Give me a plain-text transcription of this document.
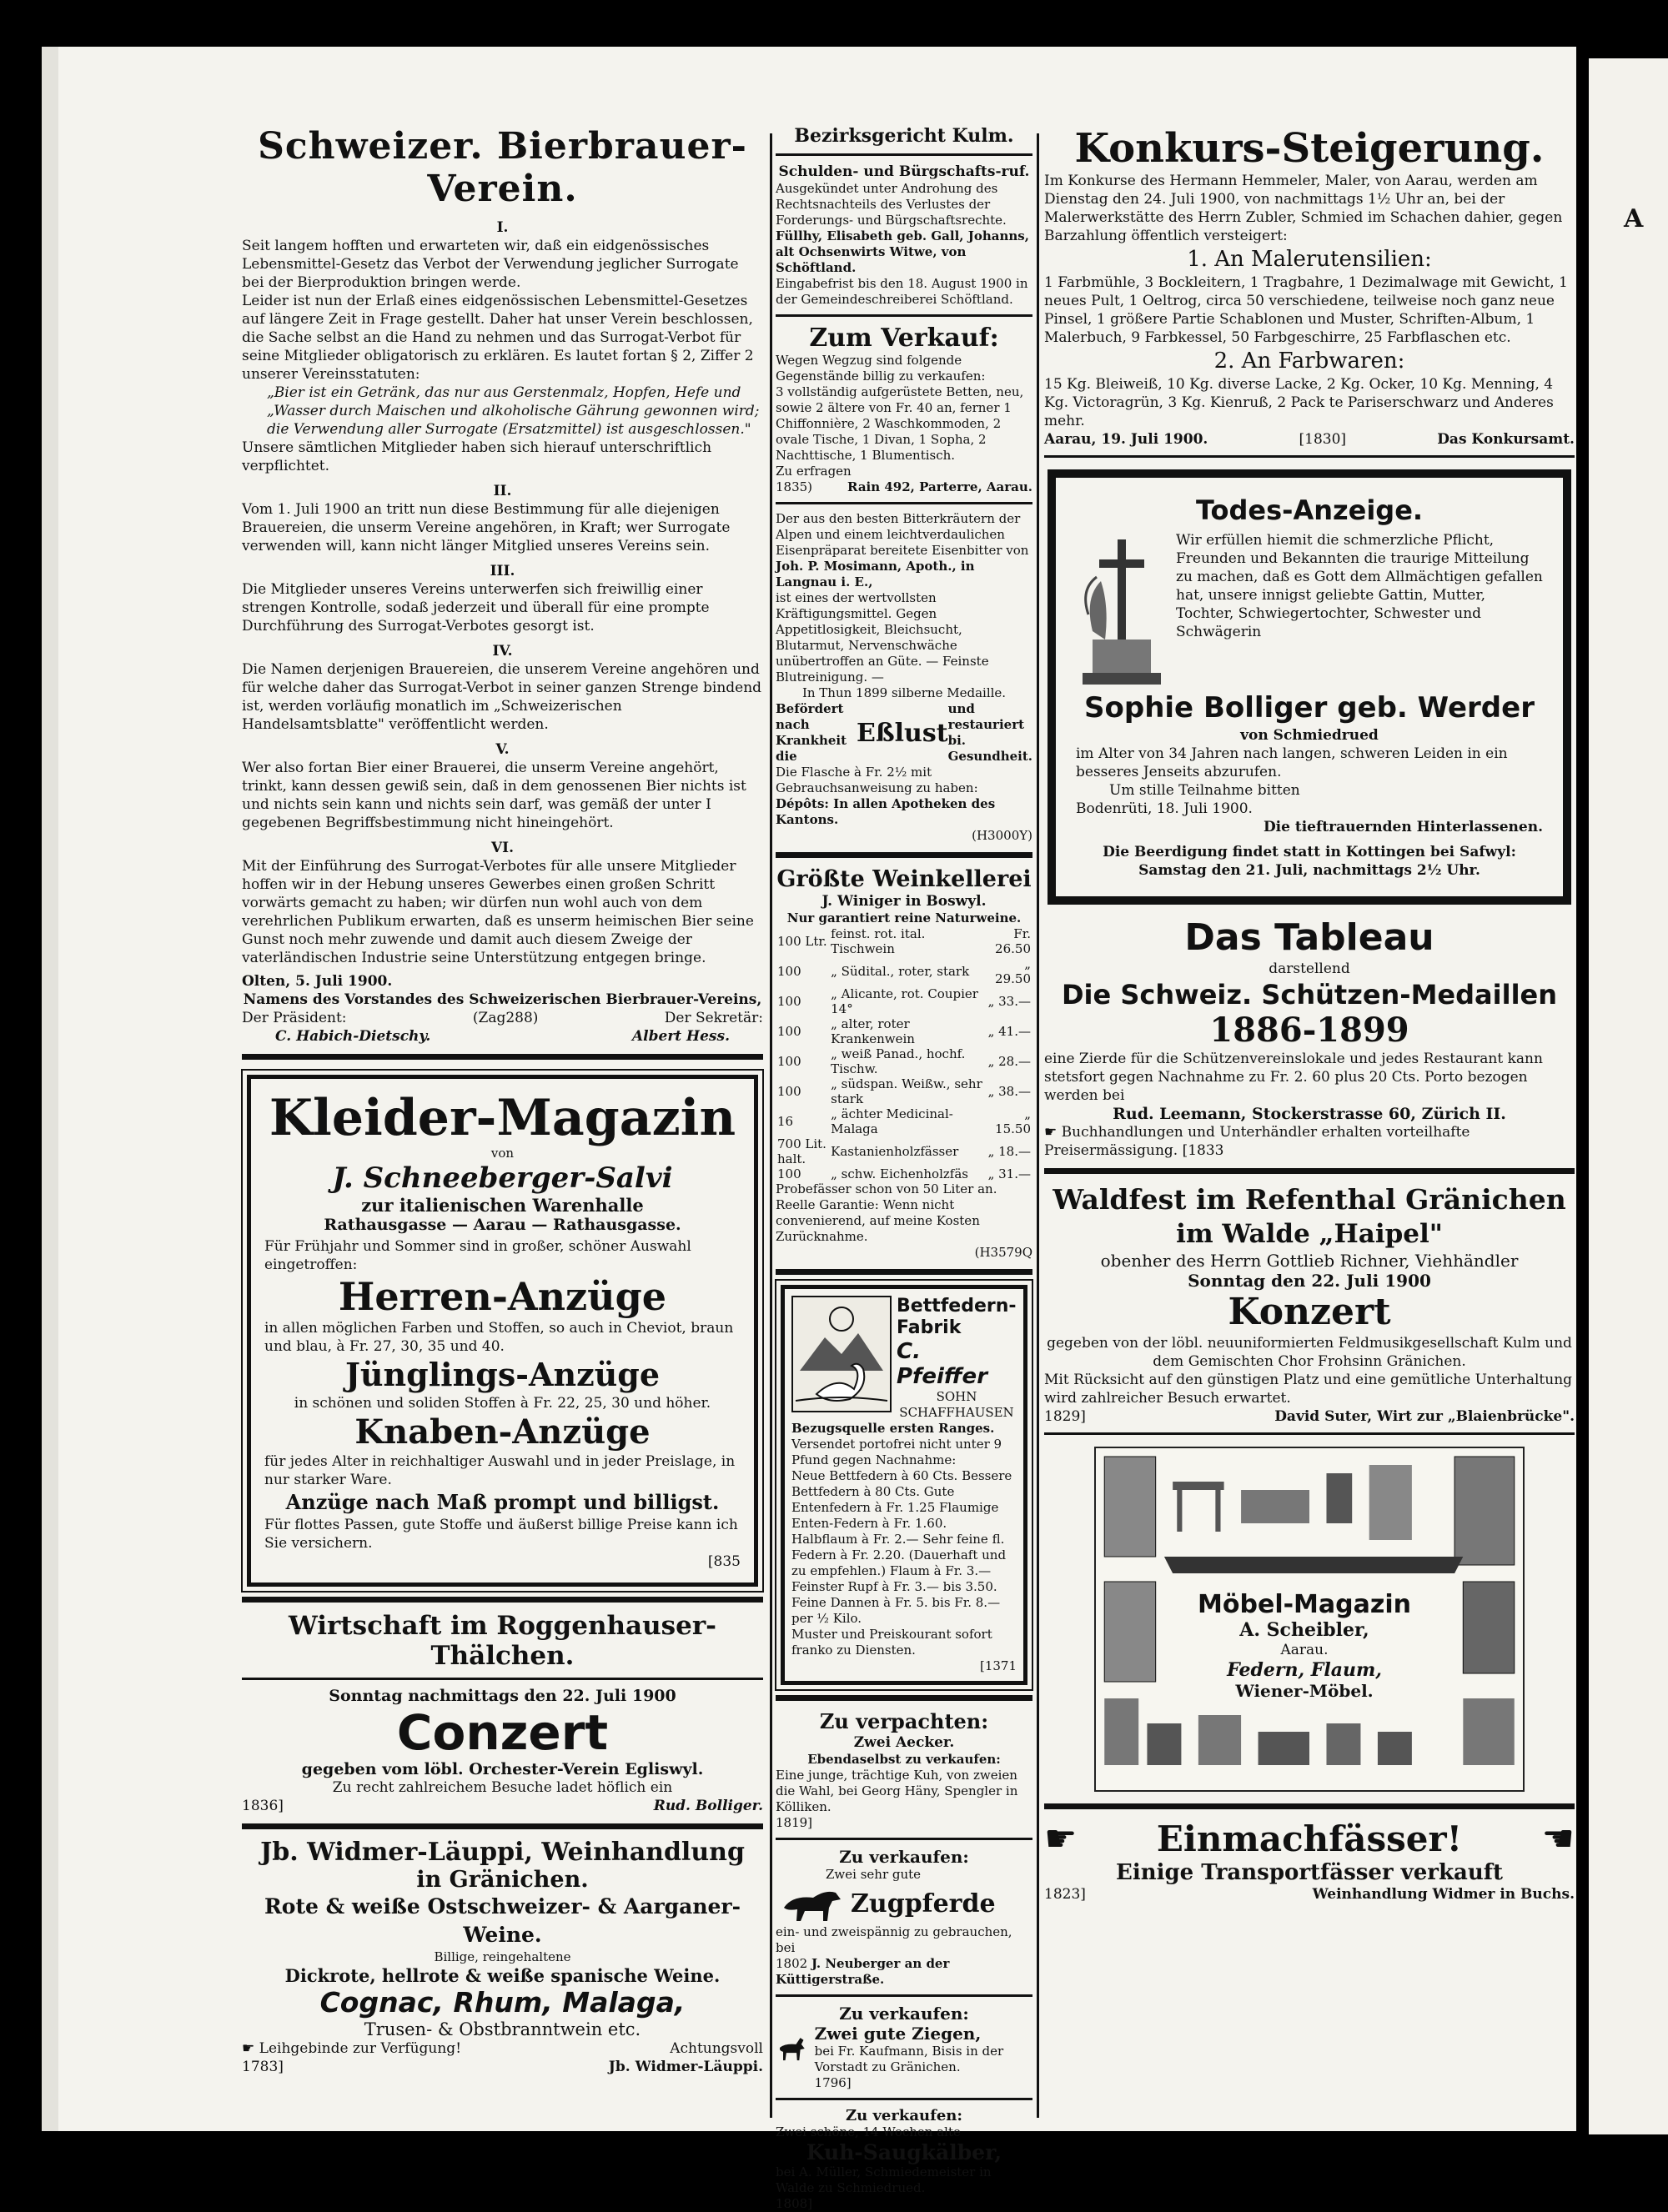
A
Schweizer. Bierbrauer-Verein.

I.

Seit langem hofften und erwarteten wir, daß ein eidgenössisches Lebensmittel-Gesetz das Verbot der Verwendung jeglicher Surrogate bei der Bierproduktion bringen werde.

Leider ist nun der Erlaß eines eidgenössischen Lebensmittel-Gesetzes auf längere Zeit in Frage gestellt. Daher hat unser Verein beschlossen, die Sache selbst an die Hand zu nehmen und das Surrogat-Verbot für seine Mitglieder obligatorisch zu erklären. Es lautet fortan § 2, Ziffer 2 unserer Vereinsstatuten:

„Bier ist ein Getränk, das nur aus Gerstenmalz, Hopfen, Hefe und „Wasser durch Maischen und alkoholische Gährung gewonnen wird; die Verwendung aller Surrogate (Ersatzmittel) ist ausgeschlossen."

Unsere sämtlichen Mitglieder haben sich hierauf unterschriftlich verpflichtet.

II.

Vom 1. Juli 1900 an tritt nun diese Bestimmung für alle diejenigen Brauereien, die unserm Vereine angehören, in Kraft; wer Surrogate verwenden will, kann nicht länger Mitglied unseres Vereins sein.

III.

Die Mitglieder unseres Vereins unterwerfen sich freiwillig einer strengen Kontrolle, sodaß jederzeit und überall für eine prompte Durchführung des Surrogat-Verbotes gesorgt ist.

IV.

Die Namen derjenigen Brauereien, die unserem Vereine angehören und für welche daher das Surrogat-Verbot in seiner ganzen Strenge bindend ist, werden vorläufig monatlich im „Schweizerischen Handelsamtsblatte" veröffentlicht werden.

V.

Wer also fortan Bier einer Brauerei, die unserm Vereine angehört, trinkt, kann dessen gewiß sein, daß in dem genossenen Bier nichts ist und nichts sein kann und nichts sein darf, was gemäß der unter I gegebenen Begriffsbestimmung nicht hineingehört.

VI.

Mit der Einführung des Surrogat-Verbotes für alle unsere Mitglieder hoffen wir in der Hebung unseres Gewerbes einen großen Schritt vorwärts gemacht zu haben; wir dürfen nun wohl auch von dem verehrlichen Publikum erwarten, daß es unserm heimischen Bier seine Gunst noch mehr zuwende und damit auch diesem Zweige der vaterländischen Industrie seine Unterstützung entgegen bringe.

Olten, 5. Juli 1900.

Namens des Vorstandes des Schweizerischen Bierbrauer-Vereins,

Der Präsident:	(Zag288)	Der Sekretär:
C. Habich-Dietschy.	Albert Hess.
Kleider-Magazin

von

J. Schneeberger-Salvi

zur italienischen Warenhalle

Rathausgasse — Aarau — Rathausgasse.

Für Frühjahr und Sommer sind in großer, schöner Auswahl eingetroffen:

Herren-Anzüge

in allen möglichen Farben und Stoffen, so auch in Cheviot, braun und blau, à Fr. 27, 30, 35 und 40.

Jünglings-Anzüge

in schönen und soliden Stoffen à Fr. 22, 25, 30 und höher.

Knaben-Anzüge

für jedes Alter in reichhaltiger Auswahl und in jeder Preislage, in nur starker Ware.

Anzüge nach Maß prompt und billigst.

Für flottes Passen, gute Stoffe und äußerst billige Preise kann ich Sie versichern.

[835

Wirtschaft im Roggenhauser-Thälchen.

Sonntag nachmittags den 22. Juli 1900

Conzert

gegeben vom löbl. Orchester-Verein Egliswyl.

Zu recht zahlreichem Besuche ladet höflich ein

1836]	Rud. Bolliger.
Jb. Widmer-Läuppi, Weinhandlung

in Gränichen.

Rote & weiße Ostschweizer- & Aarganer-Weine.

Billige, reingehaltene

Dickrote, hellrote & weiße spanische Weine.

Cognac, Rhum, Malaga,

Trusen- & Obstbranntwein etc.

☛ Leihgebinde zur Verfügung!	Achtungsvoll
1783]	Jb. Widmer-Läuppi.
Bezirksgericht Kulm.

Schulden- und Bürgschafts-ruf.

Ausgekündet unter Androhung des Rechtsnachteils des Verlustes der Forderungs- und Bürgschaftsrechte.

Füllhy, Elisabeth geb. Gall, Johanns, alt Ochsenwirts Witwe, von Schöftland.

Eingabefrist bis den 18. August 1900 in der Gemeindeschreiberei Schöftland.

Zum Verkauf:

Wegen Wegzug sind folgende Gegenstände billig zu verkaufen:

3 vollständig aufgerüstete Betten, neu, sowie 2 ältere von Fr. 40 an, ferner 1 Chiffonnière, 2 Waschkommoden, 2 ovale Tische, 1 Divan, 1 Sopha, 2 Nachttische, 1 Blumentisch.

Zu erfragen

1835)	Rain 492, Parterre, Aarau.

Der aus den besten Bitterkräutern der Alpen und einem leichtverdaulichen Eisenpräparat bereitete Eisenbitter von

Joh. P. Mosimann, Apoth., in Langnau i. E.,

ist eines der wertvollsten Kräftigungsmittel. Gegen Appetitlosigkeit, Bleichsucht, Blutarmut, Nervenschwäche unübertroffen an Güte. — Feinste Blutreinigung. —

In Thun 1899 silberne Medaille.

Befördert nach
Krankheit die
Eßlust
und restauriert
bi. Gesundheit.

Die Flasche à Fr. 2½ mit Gebrauchsanweisung zu haben:

Dépôts: In allen Apotheken des Kantons.

(H3000Y)

Größte Weinkellerei

J. Winiger in Boswyl.

Nur garantiert reine Naturweine.

100 Ltr.	feinst. rot. ital. Tischwein	Fr. 26.50
100	„ Südital., roter, stark	„ 29.50
100	„ Alicante, rot. Coupier 14°	„ 33.—
100	„ alter, roter Krankenwein	„ 41.—
100	„ weiß Panad., hochf. Tischw.	„ 28.—
100	„ südspan. Weißw., sehr stark	„ 38.—
16	„ ächter Medicinal-Malaga	„ 15.50
700 Lit. halt.	Kastanienholzfässer	„ 18.—
100	„ schw. Eichenholzfäs	„ 31.—

Probefässer schon von 50 Liter an. Reelle Garantie: Wenn nicht convenierend, auf meine Kosten Zurücknahme.

(H3579Q

Bettfedern-
Fabrik
C. Pfeiffer
SOHN
SCHAFFHAUSEN

Bezugsquelle ersten Ranges.

Versendet portofrei nicht unter 9 Pfund gegen Nachnahme:

Neue Bettfedern à 60 Cts. Bessere Bettfedern à 80 Cts. Gute Entenfedern à Fr. 1.25 Flaumige Enten-Federn à Fr. 1.60. Halbflaum à Fr. 2.— Sehr feine fl. Federn à Fr. 2.20. (Dauerhaft und zu empfehlen.) Flaum à Fr. 3.— Feinster Rupf à Fr. 3.— bis 3.50. Feine Dannen à Fr. 5. bis Fr. 8.— per ½ Kilo.

Muster und Preiskourant sofort franko zu Diensten.

[1371

Zu verpachten:

Zwei Aecker.

Ebendaselbst zu verkaufen:

Eine junge, trächtige Kuh, von zweien die Wahl, bei Georg Häny, Spengler in Kölliken.

1819]

Zu verkaufen:

Zwei sehr gute

Zugpferde

ein- und zweispännig zu gebrauchen, bei

1802 J. Neuberger an der Küttigerstraße.
Zu verkaufen:

Zwei gute Ziegen,

bei Fr. Kaufmann, Bisis in der Vorstadt zu Gränichen.

1796]

Zu verkaufen:

Zwei schöne, 14 Wochen alte

Kuh-Saugkälber,

bei A. Müller, Schmiedemeister in Walde zu Schmiedrued.

1808]

Konkurs-Steigerung.

Im Konkurse des Hermann Hemmeler, Maler, von Aarau, werden am Dienstag den 24. Juli 1900, von nachmittags 1½ Uhr an, bei der Malerwerkstätte des Herrn Zubler, Schmied im Schachen dahier, gegen Barzahlung öffentlich versteigert:

1. An Malerutensilien:

1 Farbmühle, 3 Bockleitern, 1 Tragbahre, 1 Dezimalwage mit Gewicht, 1 neues Pult, 1 Oeltrog, circa 50 verschiedene, teilweise noch ganz neue Pinsel, 1 größere Partie Schablonen und Muster, Schriften-Album, 1 Malerbuch, 9 Farbkessel, 50 Farbgeschirre, 25 Farbflaschen etc.

2. An Farbwaren:

15 Kg. Bleiweiß, 10 Kg. diverse Lacke, 2 Kg. Ocker, 10 Kg. Menning, 4 Kg. Victoragrün, 3 Kg. Kienruß, 2 Pack te Pariserschwarz und Anderes mehr.

Aarau, 19. Juli 1900.	[1830]	Das Konkursamt.
Todes-Anzeige.

Wir erfüllen hiemit die schmerzliche Pflicht, Freunden und Bekannten die traurige Mitteilung zu machen, daß es Gott dem Allmächtigen gefallen hat, unsere innigst geliebte Gattin, Mutter, Tochter, Schwiegertochter, Schwester und Schwägerin

Sophie Bolliger geb. Werder

von Schmiedrued

im Alter von 34 Jahren nach langen, schweren Leiden in ein besseres Jenseits abzurufen.

Um stille Teilnahme bitten

Bodenrüti, 18. Juli 1900.

Die tieftrauernden Hinterlassenen.

Die Beerdigung findet statt in Kottingen bei Safwyl:

Samstag den 21. Juli, nachmittags 2½ Uhr.

Das Tableau

darstellend

Die Schweiz. Schützen-Medaillen

1886-1899

eine Zierde für die Schützenvereinslokale und jedes Restaurant kann stetsfort gegen Nachnahme zu Fr. 2. 60 plus 20 Cts. Porto bezogen werden bei

Rud. Leemann, Stockerstrasse 60, Zürich II.

☛ Buchhandlungen und Unterhändler erhalten vorteilhafte Preisermässigung. [1833

Waldfest im Refenthal Gränichen

im Walde „Haipel"

obenher des Herrn Gottlieb Richner, Viehhändler

Sonntag den 22. Juli 1900

Konzert

gegeben von der löbl. neuuniformierten Feldmusikgesellschaft Kulm und dem Gemischten Chor Frohsinn Gränichen.

Mit Rücksicht auf den günstigen Platz und eine gemütliche Unterhaltung wird zahlreicher Besuch erwartet.

1829]	David Suter, Wirt zur „Blaienbrücke".

Möbel-Magazin

A. Scheibler,

Aarau.

Federn, Flaum,

Wiener-Möbel.

☛ Einmachfässer! ☚

Einige Transportfässer verkauft

1823]	Weinhandlung Widmer in Buchs.
